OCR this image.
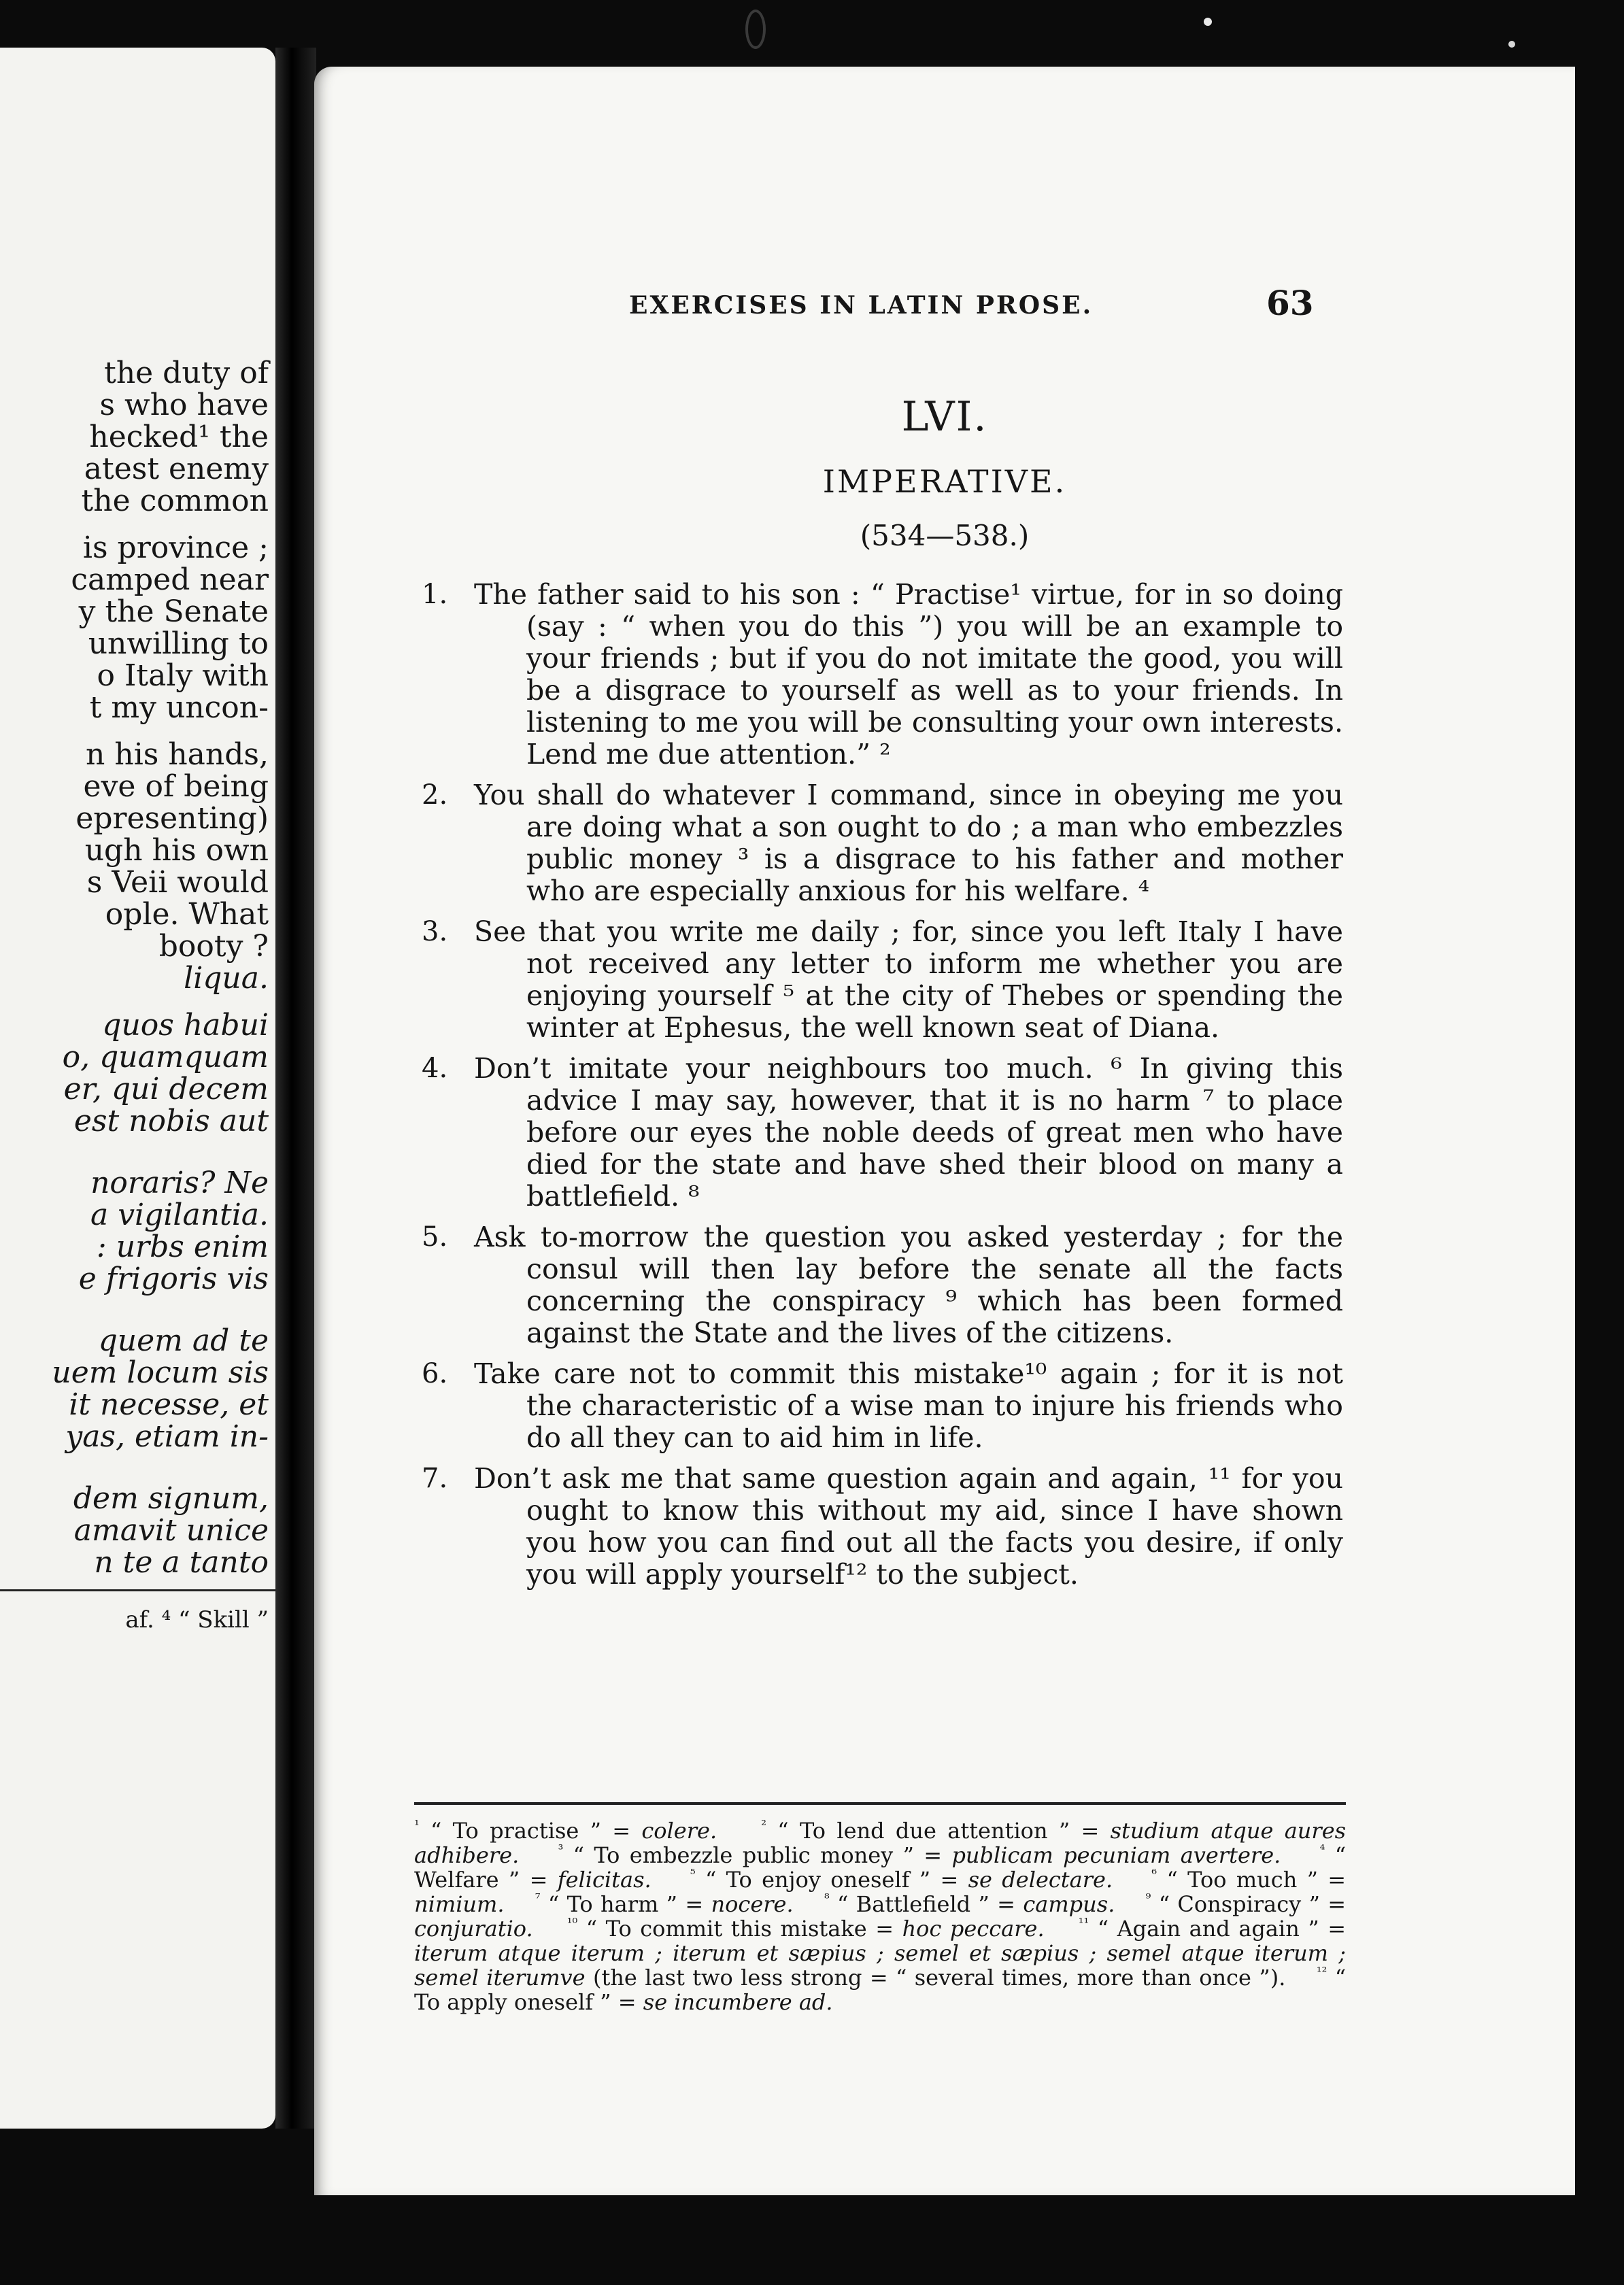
the duty of
s who have
hecked¹ the
atest enemy
the common
is province ;
camped near
y the Senate
unwilling to
o Italy with
t my uncon-
n his hands,
eve of being
epresenting)
ugh his own
s Veii would
ople. What
booty ?
liqua.
quos habui
o, quamquam
er, qui decem
est nobis aut
noraris? Ne
a vigilantia.
: urbs enim
e frigoris vis
quem ad te
uem locum sis
it necesse, et
yas, etiam in-
dem signum,
amavit unice
n te a tanto
af. ⁴ “ Skill ”
EXERCISES IN LATIN PROSE.	63
LVI.
IMPERATIVE.
(534—538.)
1. The father said to his son : “ Practise¹ virtue, for in so doing (say : “ when you do this ”) you will be an example to your friends ; but if you do not imitate the good, you will be a disgrace to yourself as well as to your friends. In listening to me you will be consulting your own interests. Lend me due attention.” ²
2. You shall do whatever I command, since in obeying me you are doing what a son ought to do ; a man who embezzles public money ³ is a disgrace to his father and mother who are especially anxious for his welfare. ⁴
3. See that you write me daily ; for, since you left Italy I have not received any letter to inform me whether you are enjoying yourself ⁵ at the city of Thebes or spending the winter at Ephesus, the well known seat of Diana.
4. Don’t imitate your neighbours too much. ⁶ In giving this advice I may say, however, that it is no harm ⁷ to place before our eyes the noble deeds of great men who have died for the state and have shed their blood on many a battlefield. ⁸
5. Ask to-morrow the question you asked yesterday ; for the consul will then lay before the senate all the facts concerning the conspiracy ⁹ which has been formed against the State and the lives of the citizens.
6. Take care not to commit this mistake¹⁰ again ; for it is not the characteristic of a wise man to injure his friends who do all they can to aid him in life.
7. Don’t ask me that same question again and again, ¹¹ for you ought to know this without my aid, since I have shown you how you can find out all the facts you desire, if only you will apply yourself¹² to the subject.
$^{^1}$ “ To practise ” = colere.	$^{^2}$ “ To lend due attention ” = studium atque aures adhibere.	$^{^3}$ “ To embezzle public money ” = publicam pecuniam avertere.	$^{^4}$ “ Welfare ” = felicitas.	$^{^5}$ “ To enjoy oneself ” = se delectare.	$^{^6}$ “ Too much ” = nimium. $^{^7}$ “ To harm ” = nocere. $^{^8}$ “ Battlefield ” = campus. $^{^9}$ “ Conspiracy ” = conjuratio.	$^{^{10}}$ “ To commit this mistake = hoc peccare.	$^{^{11}}$ “ Again and again ” = iterum atque iterum ; iterum et sæpius ; semel et sæpius ; semel atque iterum ; semel iterumve (the last two less strong = “ several times, more than once ”). $^{^{12}}$ “ To apply oneself ” = se incumbere ad.
